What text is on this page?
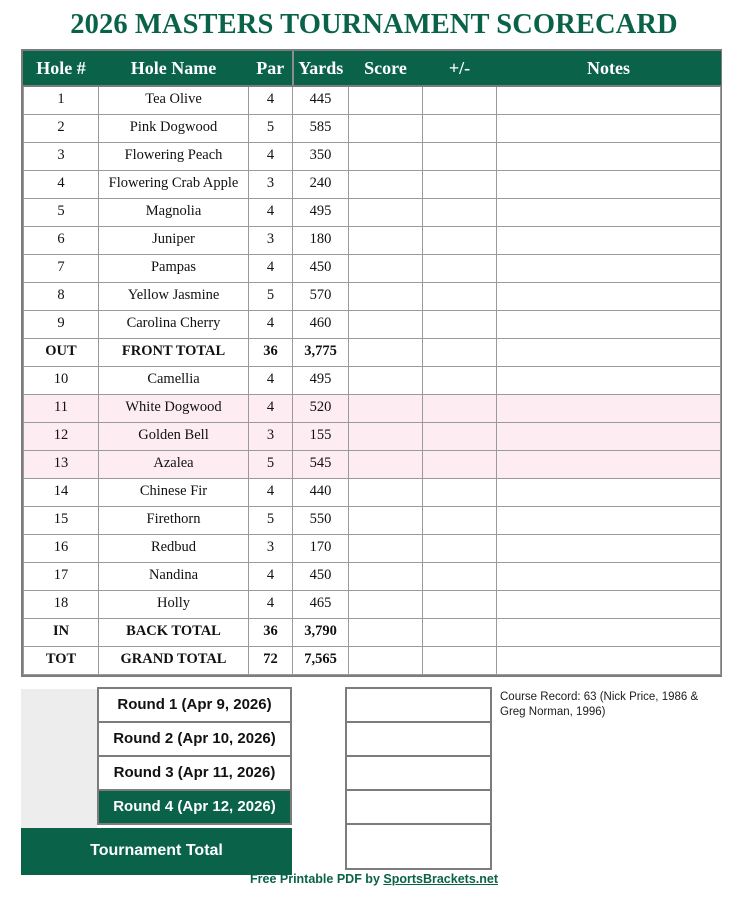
2026 MASTERS TOURNAMENT SCORECARD
Hole #	Hole Name	Par	Yards	Score	+/-	Notes
1	Tea Olive	4	445			
2	Pink Dogwood	5	585			
3	Flowering Peach	4	350			
4	Flowering Crab Apple	3	240			
5	Magnolia	4	495			
6	Juniper	3	180			
7	Pampas	4	450			
8	Yellow Jasmine	5	570			
9	Carolina Cherry	4	460			
OUT	FRONT TOTAL	36	3,775			
10	Camellia	4	495			
11	White Dogwood	4	520			
12	Golden Bell	3	155			
13	Azalea	5	545			
14	Chinese Fir	4	440			
15	Firethorn	5	550			
16	Redbud	3	170			
17	Nandina	4	450			
18	Holly	4	465			
IN	BACK TOTAL	36	3,790			
TOT	GRAND TOTAL	72	7,565			
Round 1 (Apr 9, 2026)
Round 2 (Apr 10, 2026)
Round 3 (Apr 11, 2026)
Round 4 (Apr 12, 2026)
Tournament Total
Course Record: 63 (Nick Price, 1986 & Greg Norman, 1996)
Free Printable PDF by SportsBrackets.net
